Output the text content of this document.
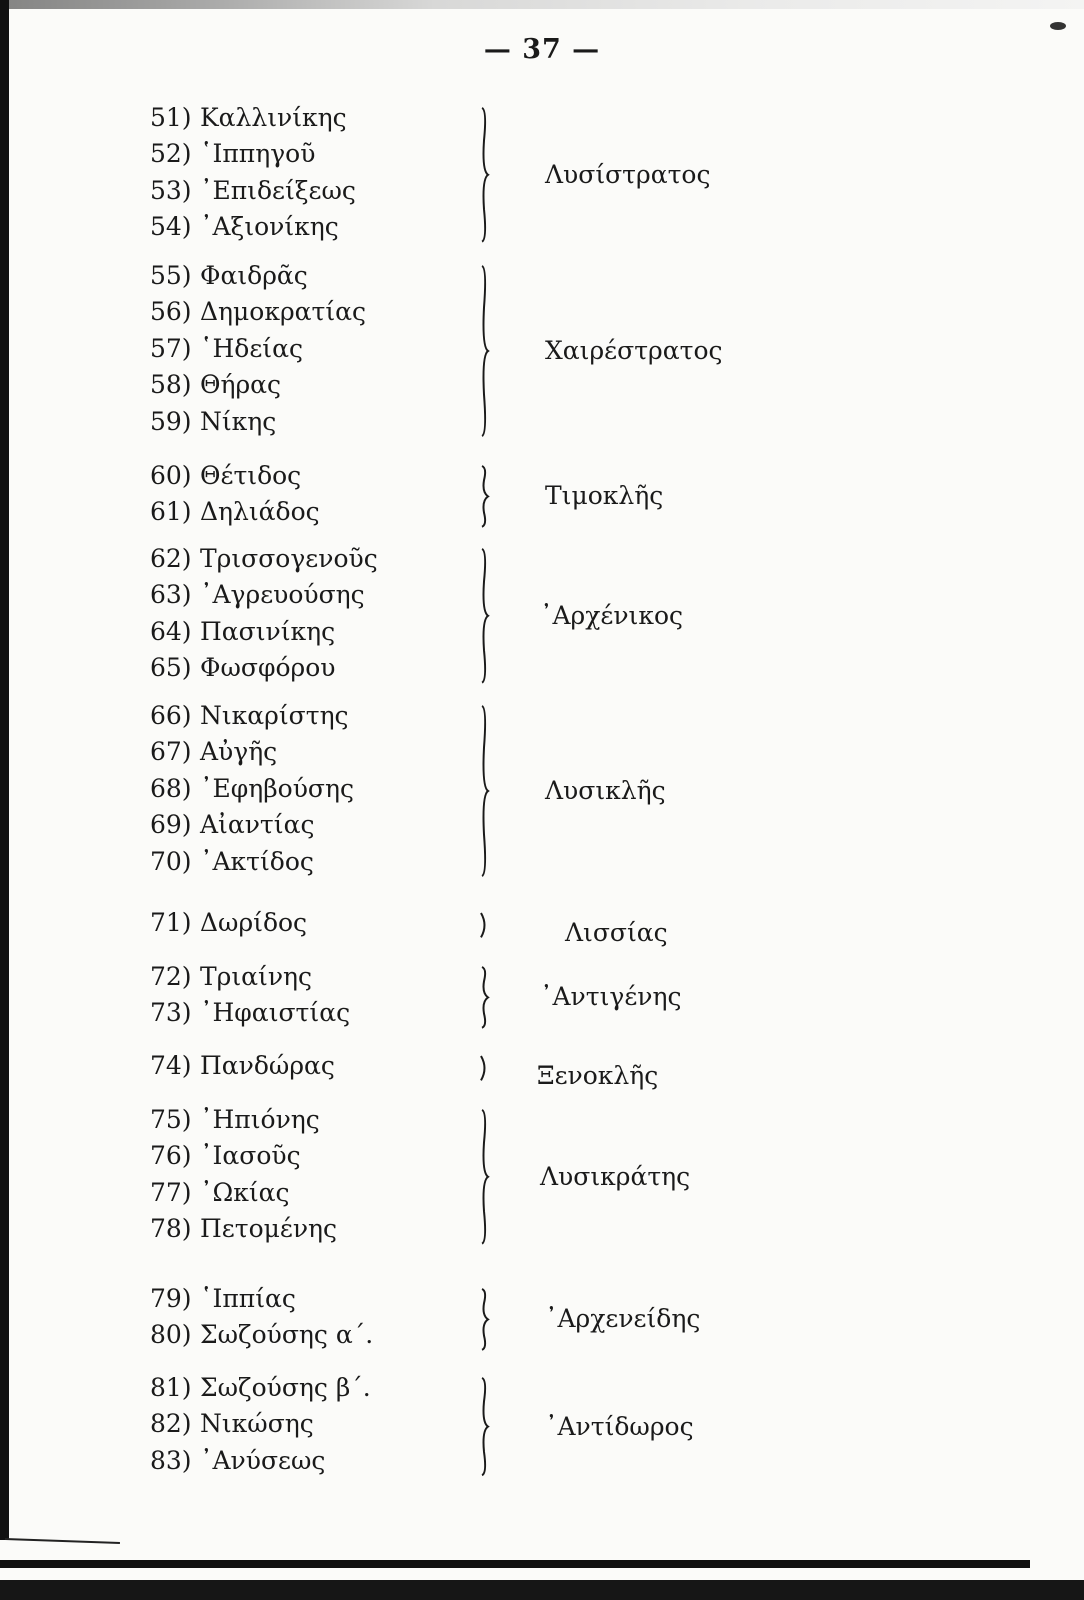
— 37 —
51) Καλλινίκης
52) ῾Ιππηγοῦ
53) ᾿Επιδείξεως
54) ᾿Αξιονίκης
Λυσίστρατος
55) Φαιδρᾶς
56) Δημοκρατίας
57) ῾Ηδείας
58) Θήρας
59) Νίκης
Χαιρέστρατος
60) Θέτιδος
61) Δηλιάδος
Τιμοκλῆς
62) Τρισσογενοῦς
63) ᾿Αγρευούσης
64) Πασινίκης
65) Φωσφόρου
᾿Αρχένικος
66) Νικαρίστης
67) Αὐγῆς
68) ᾿Εφηβούσης
69) Αἰαντίας
70) ᾿Ακτίδος
Λυσικλῆς
71) Δωρίδος	Λισσίας
72) Τριαίνης
73) ᾿Ηφαιστίας
᾿Αντιγένης
74) Πανδώρας	Ξενοκλῆς
75) ᾿Ηπιόνης
76) ᾿Ιασοῦς
77) ᾿Ωκίας
78) Πετομένης
Λυσικράτης
79) ῾Ιππίας
80) Σωζούσης α΄.
᾿Αρχενείδης
81) Σωζούσης β΄.
82) Νικώσης
83) ᾿Ανύσεως
᾿Αντίδωρος
